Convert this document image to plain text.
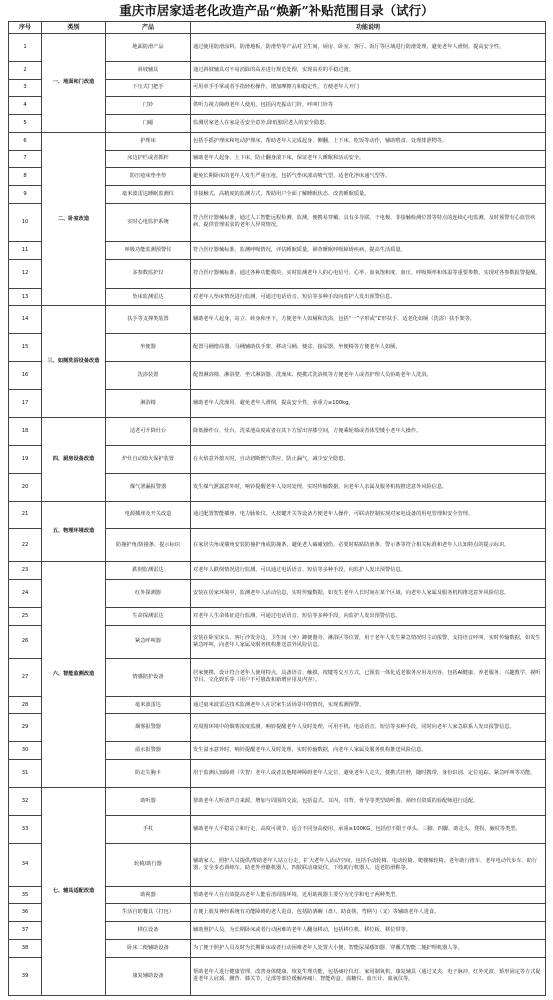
重庆市居家适老化改造产品“焕新”补贴范围目录（试行）
序号	类别	产品	功能说明
1	一、地面和门改造	地面防滑产品	通过使用防滑涂料、防滑地板、防滑垫等产品对卫生间、厨房、卧室、客厅、饭厅等区域进行防滑处理，避免老年人滑倒，提高安全性。
2		斜坡辅具	通过斜坡辅具对不易消除的高差进行规范处理，实现高差的平稳过渡。
3		下压式门把手	可用单手手掌或者手指轻松操作，增加摩擦力和稳定性，方便老年人开门
4		门铃	供听力视力障碍老年人使用，包括闪光振动门铃，呼叫门铃等
5		门磁	监测居家老人在家是否安全意外,降低独居老人的安全隐患。
6	二、卧室改造	护理床	包括手摇护理床和电动护理床，帮助老年人完成起身、侧翻、上下床、吃饭等动作，辅助喂食、处理排泄物等。
7		床边护栏或者抓杆	辅助老年人起身、上下床，防止翻身滚下床，保证老年人睡眠和活动安全。
8		防压疮床垫坐垫	避免长期卧床的老年人发生严重压疮，包括气垫床波动喷气型、适老化净床通气型等。
9		毫米波雷达睡眠监测仪	非接触式，高精度的监测方式，帮助用户全面了解睡眠状态、改善睡眠质量。
10		实时心电监护系统	符合医疗器械标准，通过人工智能远程检测、监测，便携易穿戴，具有多导联、干电极、非接触检测位置等特点的连续心电监测，及时预警有心血管疾病，提供管理需求的老年人异常情况。
11		呼吸功能监测预警仪	符合医疗器械标准，监测呼吸情况，评估睡眠质量，筛查睡眠呼吸障碍疾病，提高生活质量。
12		多参数监护仪	符合医疗器械标准，通过各种功能模块，实时监测老年人的心电信号、心率、血氧饱和度、血压、呼吸频率和体温等重要参数，实现对各参数报警提醒。
13		坠床监测雷达	对老年人坠床情况进行监测，可通过电话语音、短信等多种手段向监护人发出预警信息。
14	三、如厕洗浴设备改造	扶手等支撑类装置	辅助老年人起身、站立、转身和坐下，方便老年人如厕和洗浴，包括“一”字形或“L”形扶手、适老化如厕（洗浴）扶手架等。
15		坐便器	配置马桶增高器、马桶辅助扶手架、移动马桶、便盆、接尿器、坐便椅等方便老年人如厕。
16		洗浴装置	配置淋浴椅、淋浴凳、坐式淋浴器、洗澡床、便携式洗浴机等方便老年人或者护理人员协助老年人洗浴。
17		淋浴椅	辅助老年人洗澡用、避免老年人滑倒，提高安全性，承重力≥100kg。
18	四、厨房设备改造	适老可升降灶台	降低操作台、灶台、洗菜池高度或者在其下方留出容膝空间，方便乘轮椅或者体型矮小老年人操作。
19		炉灶自动熄火保护装置	在火焰意外熄灭时，自动切断燃气供应，防止漏气，减少安全隐患。
20		煤气泄漏报警器	发生煤气泄露意外时，响铃提醒老年人及时处理，实时传输数据，向老年人亲属及服务机构推送意外风险信息。
21	五、物理环境改造	电源插座及开关改造	通过配置智能插座、电力脉象仪、大按键开关等设备方便老年人操作，可联动控制实现对家电设备的用电管理和安全管理。
22		防撞护角/防撞条、提示标识	在家居尖角或墙角安装防撞护角或防撞条，避免老人磕碰划伤，必要时粘贴防滑条、警示条等符合相关标准和老年人认知特点的提示标识。
23	六、智能监测改造	跌倒监测雷达	对老年人跌倒情况进行监测，可以通过电话语音、短信等多种手段，向监护人发出预警信息。
24		红外探测器	安装在居家环境中，监测老年人活动信息，实时传输数据，如发生老年人长时间在某个区域，向老年人家属及服务机构推送意外风险信息。
25		生命探测雷达	对老年人生命体征进行监测，可通过电话语音、短信等多种手段，向监护人发出预警信息。
26		紧急呼叫器	安装在卧室床头、客厅沙发旁边、卫生间（坐）蹲便器旁、淋浴区等位置，用于老年人发生紧急情况时主动报警，支持语音呼叫，实时传输数据，如发生紧急呼叫，向老年人家属及服务机构推送意外风险信息。
27		情感陪护设备	居家便携、设计符合老年人使用特点，具备语音、触摸、按键等交互方式，已预装一体化适老服务应用及内容，包括AI健康、养老服务、兴趣教学、视听节目、文化娱乐等（用户不可篡改和新增应用及内容）。
28		毫米波雷达	通过毫米波雷达技术监测老年人在居家生活场景中的情况，实现监测预警。
29		烟雾报警器	对周围环境中的烟雾浓度监测，响铃提醒老年人及时处理，可用手机、电话语音、短信等多种手段，同时向老年人家急联系人发出报警信息。
30		溢水报警器	发生溢水意外时，响铃提醒老年人及时处理，实时传输数据，向老年人家属及服务机构推送风险信息。
31		防走失胸卡	用于监测认知障碍（失智）老年人或者其他精神障碍老年人定位，避免老年人走失，便携式挂脖，随时携带，身份识别、定位追踪、紧急呼叫等功能。
32	七、辅具适配改造	助听器	帮助老年人听清声音来源，增加与周围的交流，包括盒式、耳内、耳背、骨导等类型助听器，须经有资质的验配师进行适配。
33		手杖	辅助老年人平稳站立和行走，高度可调节，适合不同身高使用，承重≥100KG，包括但不限于单头、三脚、四脚、助走头、凳拐、腋杖等类型。
34		轮椅/助行器	辅助家人、照护人员提供/帮助老年人站立行走，扩大老年人活动空间，包括手动轮椅、电动轮椅、爬楼梯轮椅、老年助行推车、老年电动代步车、助行器、安全步态训练车、助老外骨骼机器人、四肢联动康复仪、下肢助行机器人、适老防滑鞋等。
35		助视器	帮助老年人在有效提高老年人能看清周围环境，近用助视器主要分为光学和电子两种类型。
36		生活自助餐具（打包）	方便上肢及神经系统有功能障碍的老人进食，包括防洒碗（盘）、助食筷、弯柄勺（叉）等辅助老年人进食。
37		移位设备	辅助照护人员，为长期卧床或者行动困难的老年人翻身移动，包括移位机、移位板、移位带等。
38		卧床二便辅助设备	为了便于照护人员及时为长期卧床或者行动困难老年人处置大小便，智能尿屎感知器、穿戴式智能二便护理机器人等。
39		康复辅助设备	帮助老年人进行健康管理、改善身体健康、恢复生理功能，包括痰疗仪灯、家用制氧机、康复辅具（通过叉夹、电子脉冲、红外光波、矫形固定等方式促进老年人肩颈、腰背、膝关节、足部等部位缓解疼痛）、智能药盒、血糖仪、血压计、血氧仪等。
